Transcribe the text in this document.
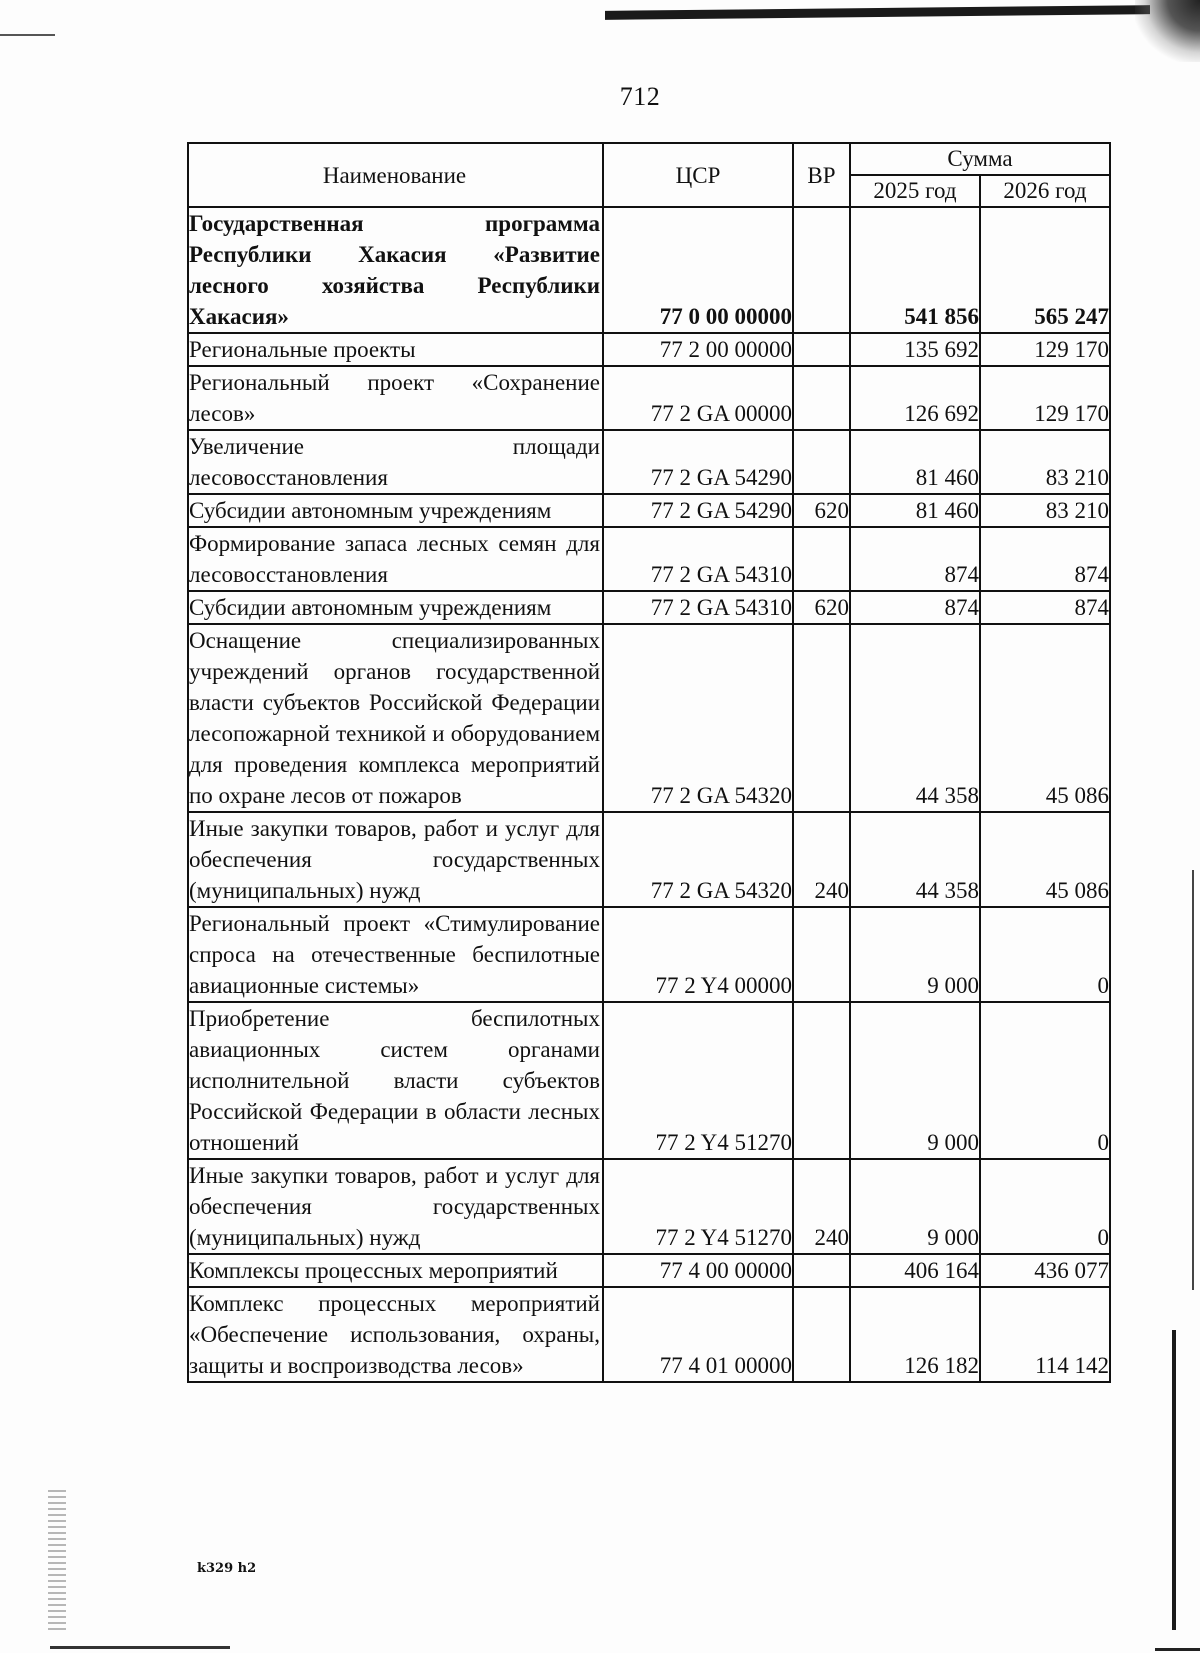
712
Наименование	ЦСР	ВР	Сумма	
			2025 год	2026 год
Государственная программа Республики Хакасия «Развитие лесного хозяйства Республики Хакасия»	77 0 00 00000		541 856	565 247
Региональные проекты	77 2 00 00000		135 692	129 170
Региональный проект «Сохранение лесов»	77 2 GA 00000		126 692	129 170
Увеличение площади лесовосстановления	77 2 GA 54290		81 460	83 210
Субсидии автономным учреждениям	77 2 GA 54290	620	81 460	83 210
Формирование запаса лесных семян для лесовосстановления	77 2 GA 54310		874	874
Субсидии автономным учреждениям	77 2 GA 54310	620	874	874
Оснащение специализированных учреждений органов государственной власти субъектов Российской Федерации лесопожарной техникой и оборудованием для проведения комплекса мероприятий по охране лесов от пожаров	77 2 GA 54320		44 358	45 086
Иные закупки товаров, работ и услуг для обеспечения государственных (муниципальных) нужд	77 2 GA 54320	240	44 358	45 086
Региональный проект «Стимулирование спроса на отечественные беспилотные авиационные системы»	77 2 Y4 00000		9 000	0
Приобретение беспилотных авиационных систем органами исполнительной власти субъектов Российской Федерации в области лесных отношений	77 2 Y4 51270		9 000	0
Иные закупки товаров, работ и услуг для обеспечения государственных (муниципальных) нужд	77 2 Y4 51270	240	9 000	0
Комплексы процессных мероприятий	77 4 00 00000		406 164	436 077
Комплекс процессных мероприятий «Обеспечение использования, охраны, защиты и воспроизводства лесов»	77 4 01 00000		126 182	114 142
k329 h2
